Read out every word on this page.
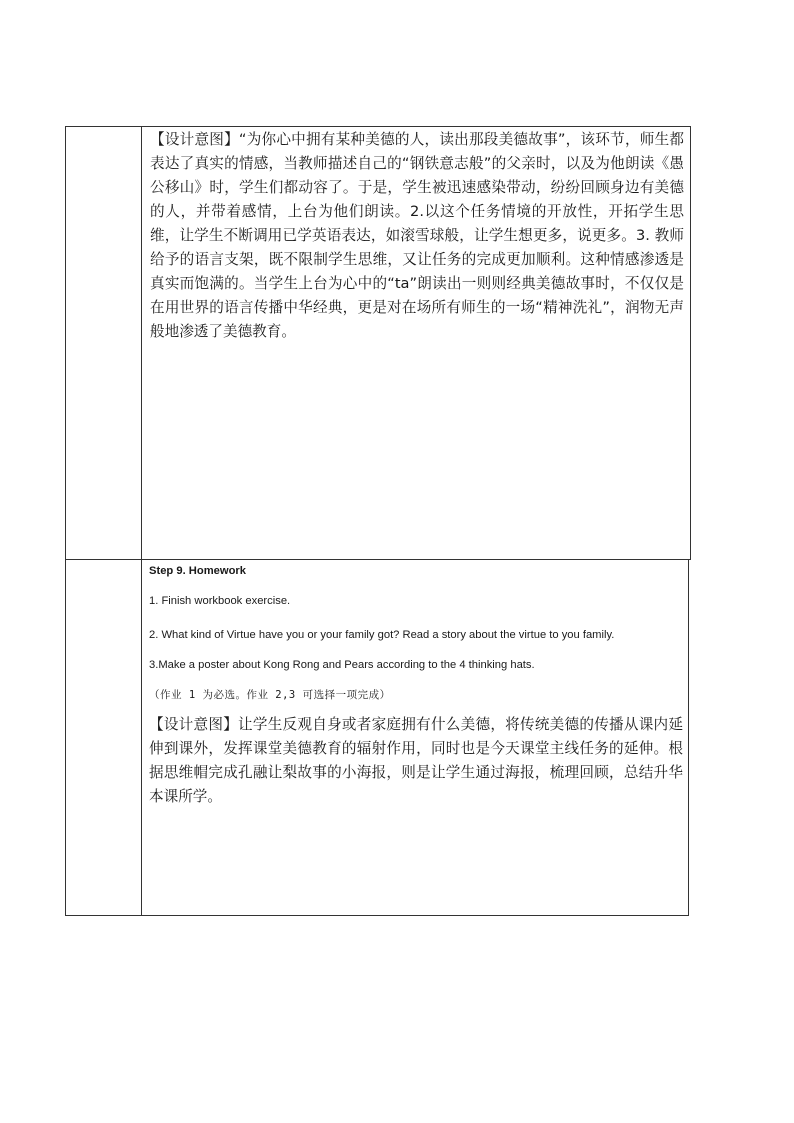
【设计意图】“为你心中拥有某种美德的人，读出那段美德故事”，该环节，师生都表达了真实的情感，当教师描述自己的“钢铁意志般”的父亲时，以及为他朗读《愚公移山》时，学生们都动容了。于是，学生被迅速感染带动，纷纷回顾身边有美德的人，并带着感情，上台为他们朗读。2.以这个任务情境的开放性，开拓学生思维，让学生不断调用已学英语表达，如滚雪球般，让学生想更多，说更多。3. 教师给予的语言支架，既不限制学生思维，又让任务的完成更加顺利。这种情感渗透是真实而饱满的。当学生上台为心中的“ta”朗读出一则则经典美德故事时，不仅仅是在用世界的语言传播中华经典，更是对在场所有师生的一场“精神洗礼”，润物无声般地渗透了美德教育。

Step 9. Homework

1. Finish workbook exercise.

2. What kind of Virtue have you or your family got? Read a story about the virtue to you family.

3.Make a poster about Kong Rong and Pears according to the 4 thinking hats.

（作业 1 为必选。作业 2,3 可选择一项完成）

【设计意图】让学生反观自身或者家庭拥有什么美德，将传统美德的传播从课内延伸到课外，发挥课堂美德教育的辐射作用，同时也是今天课堂主线任务的延伸。根据思维帽完成孔融让梨故事的小海报，则是让学生通过海报，梳理回顾，总结升华本课所学。
